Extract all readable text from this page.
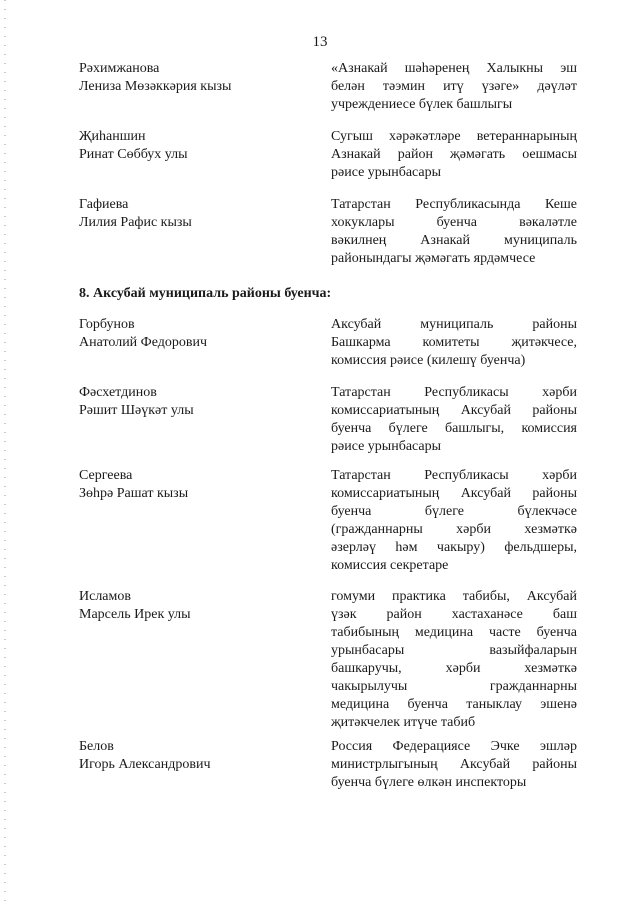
13
Рәхимжанова
Лениза Мөзәккәрия кызы
«Азнакай шәһәренең Халыкны эш
белән тәэмин итү үзәге» дәүләт
учреждениесе бүлек башлыгы
Җиһаншин
Ринат Сөббух улы
Сугыш хәрәкәтләре ветераннарының
Азнакай район җәмәгать оешмасы
рәисе урынбасары
Гафиева
Лилия Рафис кызы
Татарстан Республикасында Кеше
хокуклары буенча вәкаләтле
вәкилнең Азнакай муниципаль
районындагы җәмәгать ярдәмчесе
8. Аксубай муниципаль районы буенча:
Горбунов
Анатолий Федорович
Аксубай муниципаль районы
Башкарма комитеты җитәкчесе,
комиссия рәисе (килешү буенча)
Фәсхетдинов
Рәшит Шәүкәт улы
Татарстан Республикасы хәрби
комиссариатының Аксубай районы
буенча бүлеге башлыгы, комиссия
рәисе урынбасары
Сергеева
Зөһрә Рашат кызы
Татарстан Республикасы хәрби
комиссариатының Аксубай районы
буенча бүлеге бүлекчәсе
(гражданнарны хәрби хезмәткә
әзерләү һәм чакыру) фельдшеры,
комиссия секретаре
Исламов
Марсель Ирек улы
гомуми практика табибы, Аксубай
үзәк район хастаханәсе баш
табибының медицина часте буенча
урынбасары вазыйфаларын
башкаручы, хәрби хезмәткә
чакырылучы гражданнарны
медицина буенча таныклау эшенә
җитәкчелек итүче табиб
Белов
Игорь Александрович
Россия Федерациясе Эчке эшләр
министрлыгының Аксубай районы
буенча бүлеге өлкән инспекторы
